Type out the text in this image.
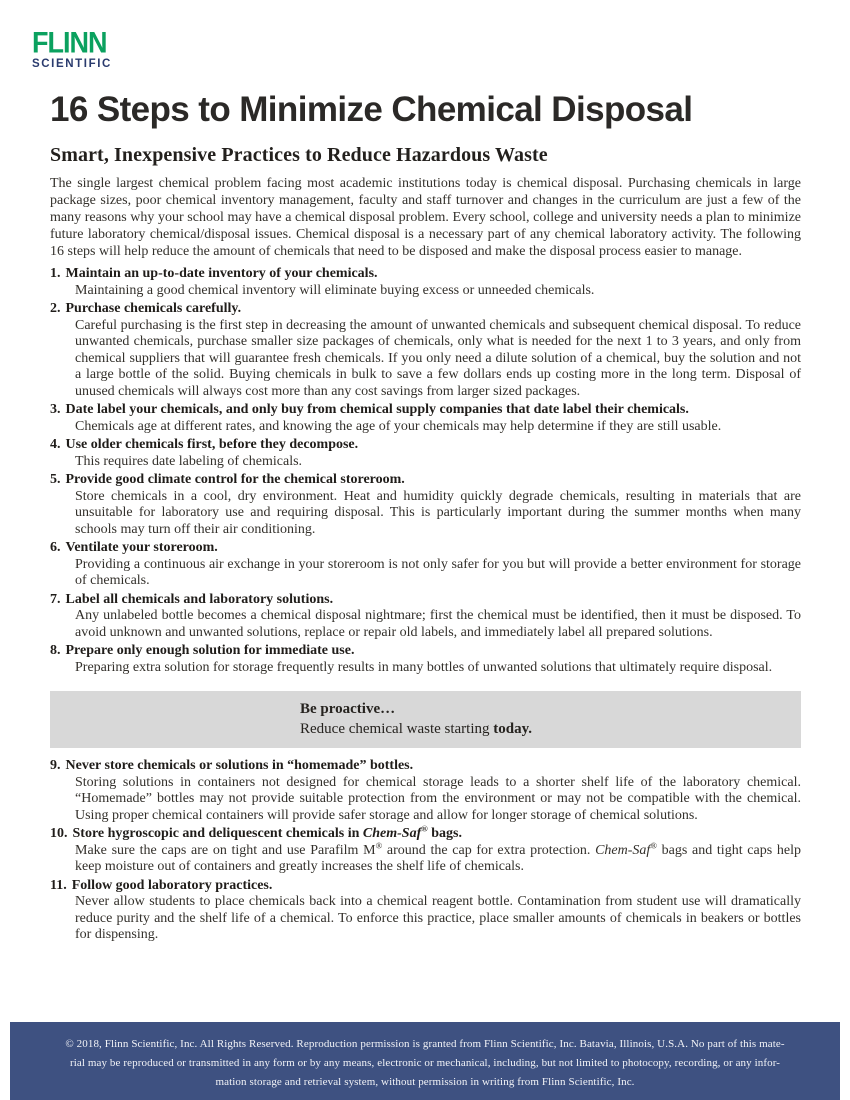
FLINN
SCIENTIFIC
16 Steps to Minimize Chemical Disposal
Smart, Inexpensive Practices to Reduce Hazardous Waste

The single largest chemical problem facing most academic institutions today is chemical disposal. Purchasing chemicals in large package sizes, poor chemical inventory management, faculty and staff turnover and changes in the curriculum are just a few of the many reasons why your school may have a chemical disposal problem. Every school, college and university needs a plan to minimize future laboratory chemical/disposal issues. Chemical disposal is a necessary part of any chemical laboratory activity. The following 16 steps will help reduce the amount of chemicals that need to be disposed and make the disposal process easier to manage.

1. Maintain an up-to-date inventory of your chemicals.
Maintaining a good chemical inventory will eliminate buying excess or unneeded chemicals.
2. Purchase chemicals carefully.
Careful purchasing is the first step in decreasing the amount of unwanted chemicals and subsequent chemical disposal. To reduce unwanted chemicals, purchase smaller size packages of chemicals, only what is needed for the next 1 to 3 years, and only from chemical suppliers that will guarantee fresh chemicals. If you only need a dilute solution of a chemical, buy the solution and not a large bottle of the solid. Buying chemicals in bulk to save a few dollars ends up costing more in the long term. Disposal of unused chemicals will always cost more than any cost savings from larger sized packages.
3. Date label your chemicals, and only buy from chemical supply companies that date label their chemicals.
Chemicals age at different rates, and knowing the age of your chemicals may help determine if they are still usable.
4. Use older chemicals first, before they decompose.
This requires date labeling of chemicals.
5. Provide good climate control for the chemical storeroom.
Store chemicals in a cool, dry environment. Heat and humidity quickly degrade chemicals, resulting in materials that are unsuitable for laboratory use and requiring disposal. This is particularly important during the summer months when many schools may turn off their air conditioning.
6. Ventilate your storeroom.
Providing a continuous air exchange in your storeroom is not only safer for you but will provide a better environment for storage of chemicals.
7. Label all chemicals and laboratory solutions.
Any unlabeled bottle becomes a chemical disposal nightmare; first the chemical must be identified, then it must be disposed. To avoid unknown and unwanted solutions, replace or repair old labels, and immediately label all prepared solutions.
8. Prepare only enough solution for immediate use.
Preparing extra solution for storage frequently results in many bottles of unwanted solutions that ultimately require disposal.
Be proactive…
Reduce chemical waste starting today.
9. Never store chemicals or solutions in “homemade” bottles.
Storing solutions in containers not designed for chemical storage leads to a shorter shelf life of the laboratory chemical. “Homemade” bottles may not provide suitable protection from the environment or may not be compatible with the chemical. Using proper chemical containers will provide safer storage and allow for longer storage of chemical solutions.
10. Store hygroscopic and deliquescent chemicals in Chem-Saf® bags.
Make sure the caps are on tight and use Parafilm M® around the cap for extra protection. Chem-Saf® bags and tight caps help keep moisture out of containers and greatly increases the shelf life of chemicals.
11. Follow good laboratory practices.
Never allow students to place chemicals back into a chemical reagent bottle. Contamination from student use will dramatically reduce purity and the shelf life of a chemical. To enforce this practice, place smaller amounts of chemicals in beakers or bottles for dispensing.
© 2018, Flinn Scientific, Inc. All Rights Reserved. Reproduction permission is granted from Flinn Scientific, Inc. Batavia, Illinois, U.S.A. No part of this mate-
rial may be reproduced or transmitted in any form or by any means, electronic or mechanical, including, but not limited to photocopy, recording, or any infor-
mation storage and retrieval system, without permission in writing from Flinn Scientific, Inc.
